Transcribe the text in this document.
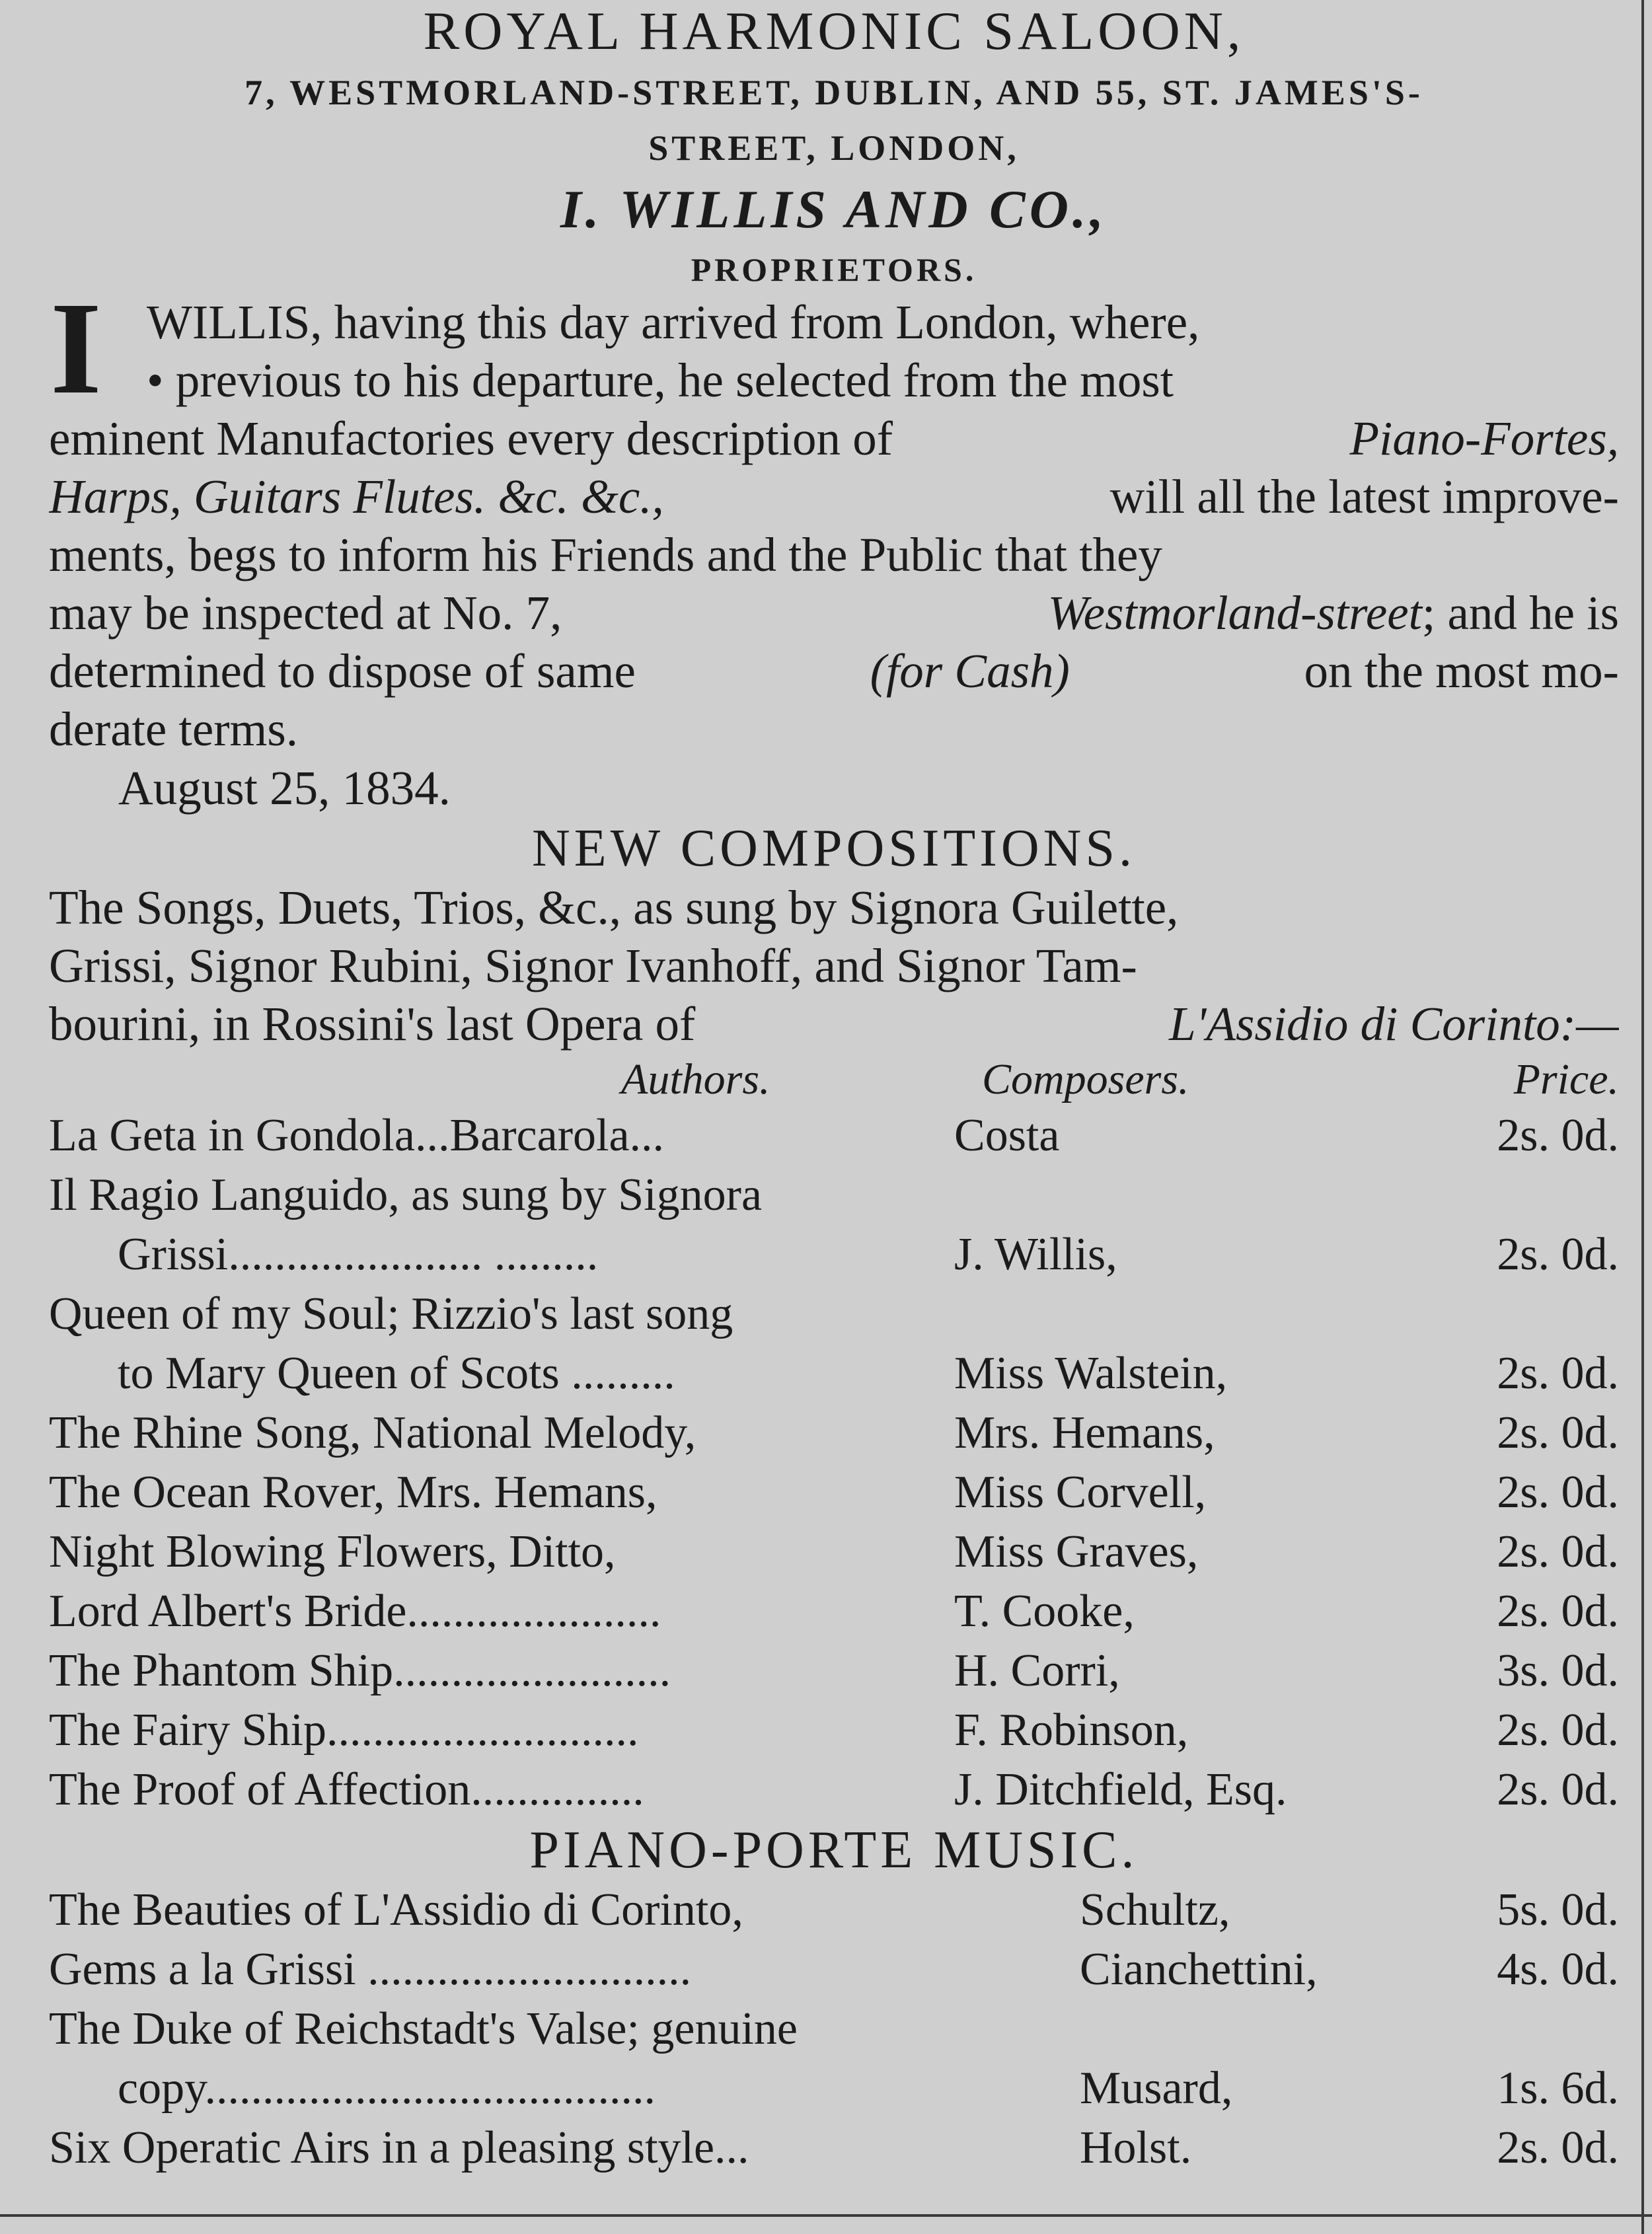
ROYAL HARMONIC SALOON,
7, WESTMORLAND-STREET, DUBLIN, AND 55, ST. JAMES'S-
STREET, LONDON,
I. WILLIS AND CO.,
PROPRIETORS.
I WILLIS, having this day arrived from London, where,
• previous to his departure, he selected from the most
eminent Manufactories every description of	Piano-Fortes,
Harps, Guitars Flutes. &c. &c.,	will all the latest improve-
ments, begs to inform his Friends and the Public that they
may be inspected at No. 7,	Westmorland-street; and he is
determined to dispose of same	(for Cash)	on the most mo-
derate terms.
August 25, 1834.
NEW COMPOSITIONS.
The Songs, Duets, Trios, &c., as sung by Signora Guilette,
Grissi, Signor Rubini, Signor Ivanhoff, and Signor Tam-
bourini, in Rossini's last Opera of	L'Assidio di Corinto:—
Authors.	Composers.	Price.
La Geta in Gondola...Barcarola...	Costa	2s. 0d.
Il Ragio Languido, as sung by Signora
Grissi...................... .........	J. Willis,	2s. 0d.
Queen of my Soul; Rizzio's last song
to Mary Queen of Scots .........	Miss Walstein,	2s. 0d.
The Rhine Song, National Melody,	Mrs. Hemans,	2s. 0d.
The Ocean Rover, Mrs. Hemans,	Miss Corvell,	2s. 0d.
Night Blowing Flowers, Ditto,	Miss Graves,	2s. 0d.
Lord Albert's Bride......................	T. Cooke,	2s. 0d.
The Phantom Ship........................	H. Corri,	3s. 0d.
The Fairy Ship...........................	F. Robinson,	2s. 0d.
The Proof of Affection...............	J. Ditchfield, Esq.	2s. 0d.
PIANO-PORTE MUSIC.
The Beauties of L'Assidio di Corinto,	Schultz,	5s. 0d.
Gems a la Grissi ............................	Cianchettini,	4s. 0d.
The Duke of Reichstadt's Valse; genuine
copy.......................................	Musard,	1s. 6d.
Six Operatic Airs in a pleasing style...	Holst.	2s. 0d.
